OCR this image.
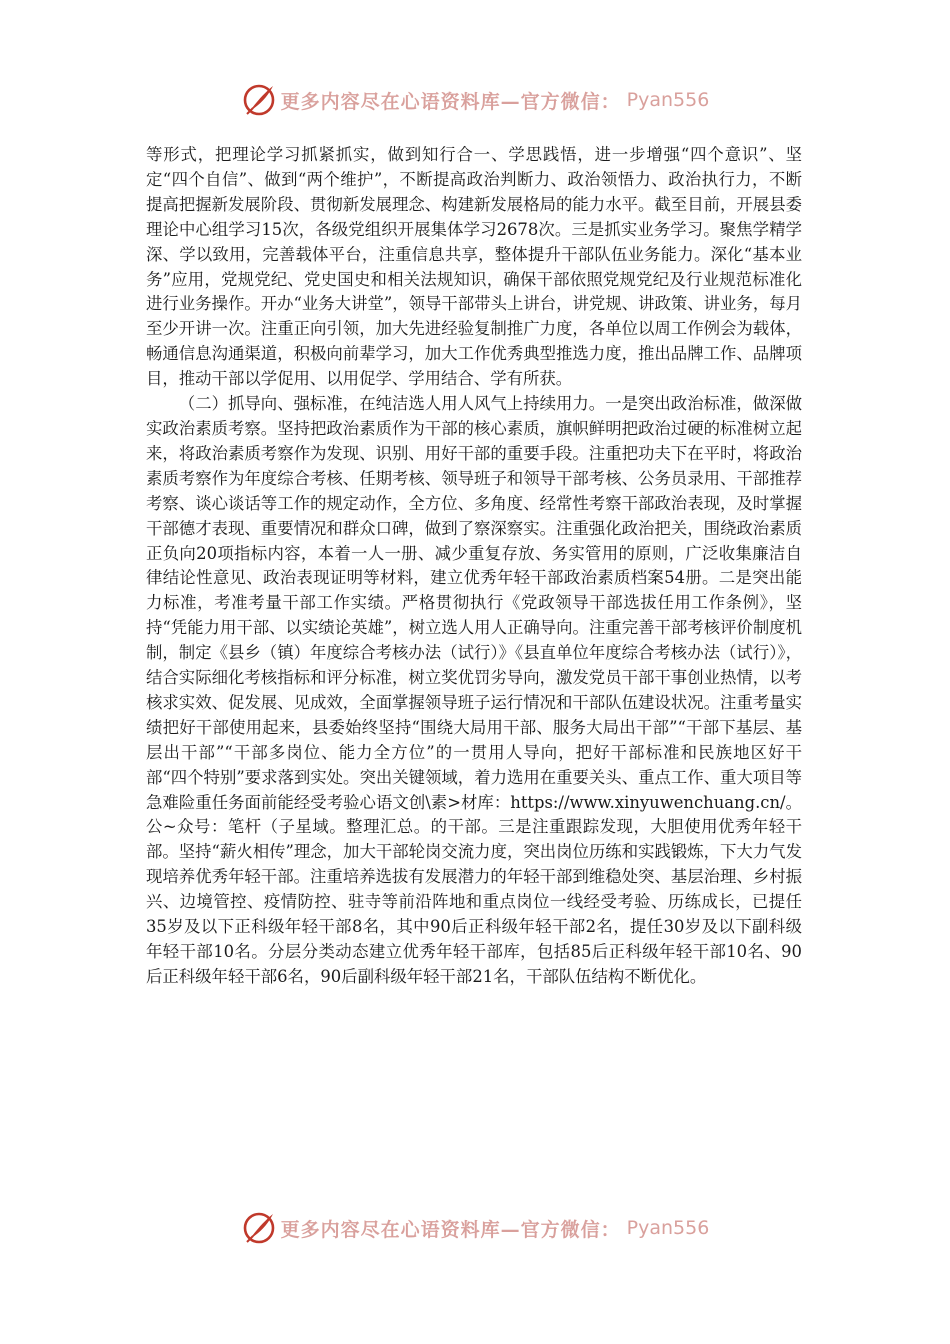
更多内容尽在心语资料库—官方微信： Pyan556

等形式，把理论学习抓紧抓实，做到知行合一、学思践悟，进一步增强“四个意识”、坚定“四个自信”、做到“两个维护”，不断提高政治判断力、政治领悟力、政治执行力，不断提高把握新发展阶段、贯彻新发展理念、构建新发展格局的能力水平。截至目前，开展县委理论中心组学习15次，各级党组织开展集体学习2678次。三是抓实业务学习。聚焦学精学深、学以致用，完善载体平台，注重信息共享，整体提升干部队伍业务能力。深化“基本业务”应用，党规党纪、党史国史和相关法规知识，确保干部依照党规党纪及行业规范标准化进行业务操作。开办“业务大讲堂”，领导干部带头上讲台，讲党规、讲政策、讲业务，每月至少开讲一次。注重正向引领，加大先进经验复制推广力度，各单位以周工作例会为载体，畅通信息沟通渠道，积极向前辈学习，加大工作优秀典型推选力度，推出品牌工作、品牌项目，推动干部以学促用、以用促学、学用结合、学有所获。

（二）抓导向、强标准，在纯洁选人用人风气上持续用力。一是突出政治标准，做深做实政治素质考察。坚持把政治素质作为干部的核心素质，旗帜鲜明把政治过硬的标准树立起来，将政治素质考察作为发现、识别、用好干部的重要手段。注重把功夫下在平时，将政治素质考察作为年度综合考核、任期考核、领导班子和领导干部考核、公务员录用、干部推荐考察、谈心谈话等工作的规定动作，全方位、多角度、经常性考察干部政治表现，及时掌握干部德才表现、重要情况和群众口碑，做到了察深察实。注重强化政治把关，围绕政治素质正负向20项指标内容，本着一人一册、减少重复存放、务实管用的原则，广泛收集廉洁自律结论性意见、政治表现证明等材料，建立优秀年轻干部政治素质档案54册。二是突出能力标准，考准考量干部工作实绩。严格贯彻执行《党政领导干部选拔任用工作条例》，坚持“凭能力用干部、以实绩论英雄”，树立选人用人正确导向。注重完善干部考核评价制度机制，制定《县乡（镇）年度综合考核办法（试行）》《县直单位年度综合考核办法（试行）》，结合实际细化考核指标和评分标准，树立奖优罚劣导向，激发党员干部干事创业热情，以考核求实效、促发展、见成效，全面掌握领导班子运行情况和干部队伍建设状况。注重考量实绩把好干部使用起来，县委始终坚持“围绕大局用干部、服务大局出干部”“干部下基层、基层出干部”“干部多岗位、能力全方位”的一贯用人导向，把好干部标准和民族地区好干部“四个特别”要求落到实处。突出关键领域，着力选用在重要关头、重点工作、重大项目等急难险重任务面前能经受考验心语文创\素>材库：https://www.xinyuwenchuang.cn/。公~众号：笔杆（子星域。整理汇总。的干部。三是注重跟踪发现，大胆使用优秀年轻干部。坚持“薪火相传”理念，加大干部轮岗交流力度，突出岗位历练和实践锻炼，下大力气发现培养优秀年轻干部。注重培养选拔有发展潜力的年轻干部到维稳处突、基层治理、乡村振兴、边境管控、疫情防控、驻寺等前沿阵地和重点岗位一线经受考验、历练成长，已提任35岁及以下正科级年轻干部8名，其中90后正科级年轻干部2名，提任30岁及以下副科级年轻干部10名。分层分类动态建立优秀年轻干部库，包括85后正科级年轻干部10名、90后正科级年轻干部6名，90后副科级年轻干部21名，干部队伍结构不断优化。

更多内容尽在心语资料库—官方微信： Pyan556
